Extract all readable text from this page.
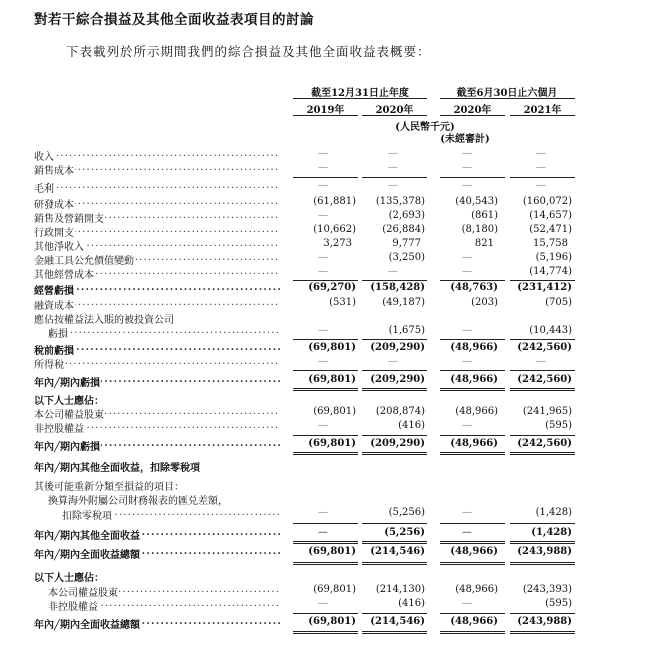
對若干綜合損益及其他全面收益表項目的討論
下表載列於所示期間我們的綜合損益及其他全面收益表概要：
截至12月31日止年度	截至6月30日止六個月
2019年	2020年	2020年	2021年
(人民幣千元)
(未經審計)
收入 .....	—	—	—	—
銷售成本 .....	—	—	—	—
毛利 .....	—	—	—	—
研發成本 .....	(61,881)	(135,378)	(40,543)	(160,072)
銷售及營銷開支 .....	—	(2,693)	(861)	(14,657)
行政開支 .....	(10,662)	(26,884)	(8,180)	(52,471)
其他淨收入 .....	3,273	9,777	821	15,758
金融工具公允價值變動 .....	—	(3,250)	—	(5,196)
其他經營成本 .....	—	—	—	(14,774)
經營虧損 .....	(69,270)	(158,428)	(48,763)	(231,412)
融資成本 .....	(531)	(49,187)	(203)	(705)
應佔按權益法入賬的被投資公司
虧損 .....	—	(1,675)	—	(10,443)
稅前虧損 .....	(69,801)	(209,290)	(48,966)	(242,560)
所得稅 .....	—	—	—	—
年內╱期內虧損 .....	(69,801)	(209,290)	(48,966)	(242,560)
以下人士應佔：
本公司權益股東 .....	(69,801)	(208,874)	(48,966)	(241,965)
非控股權益 .....	—	(416)	—	(595)
年內╱期內虧損 .....	(69,801)	(209,290)	(48,966)	(242,560)
年內╱期內其他全面收益，扣除零稅項
其後可能重新分類至損益的項目：
換算海外附屬公司財務報表的匯兑差額，
扣除零稅項 .....	—	(5,256)	—	(1,428)
年內╱期內其他全面收益 .....	—	(5,256)	—	(1,428)
年內╱期內全面收益總額 .....	(69,801)	(214,546)	(48,966)	(243,988)
以下人士應佔：
本公司權益股東 .....	(69,801)	(214,130)	(48,966)	(243,393)
非控股權益 .....	—	(416)	—	(595)
年內╱期內全面收益總額 .....	(69,801)	(214,546)	(48,966)	(243,988)
